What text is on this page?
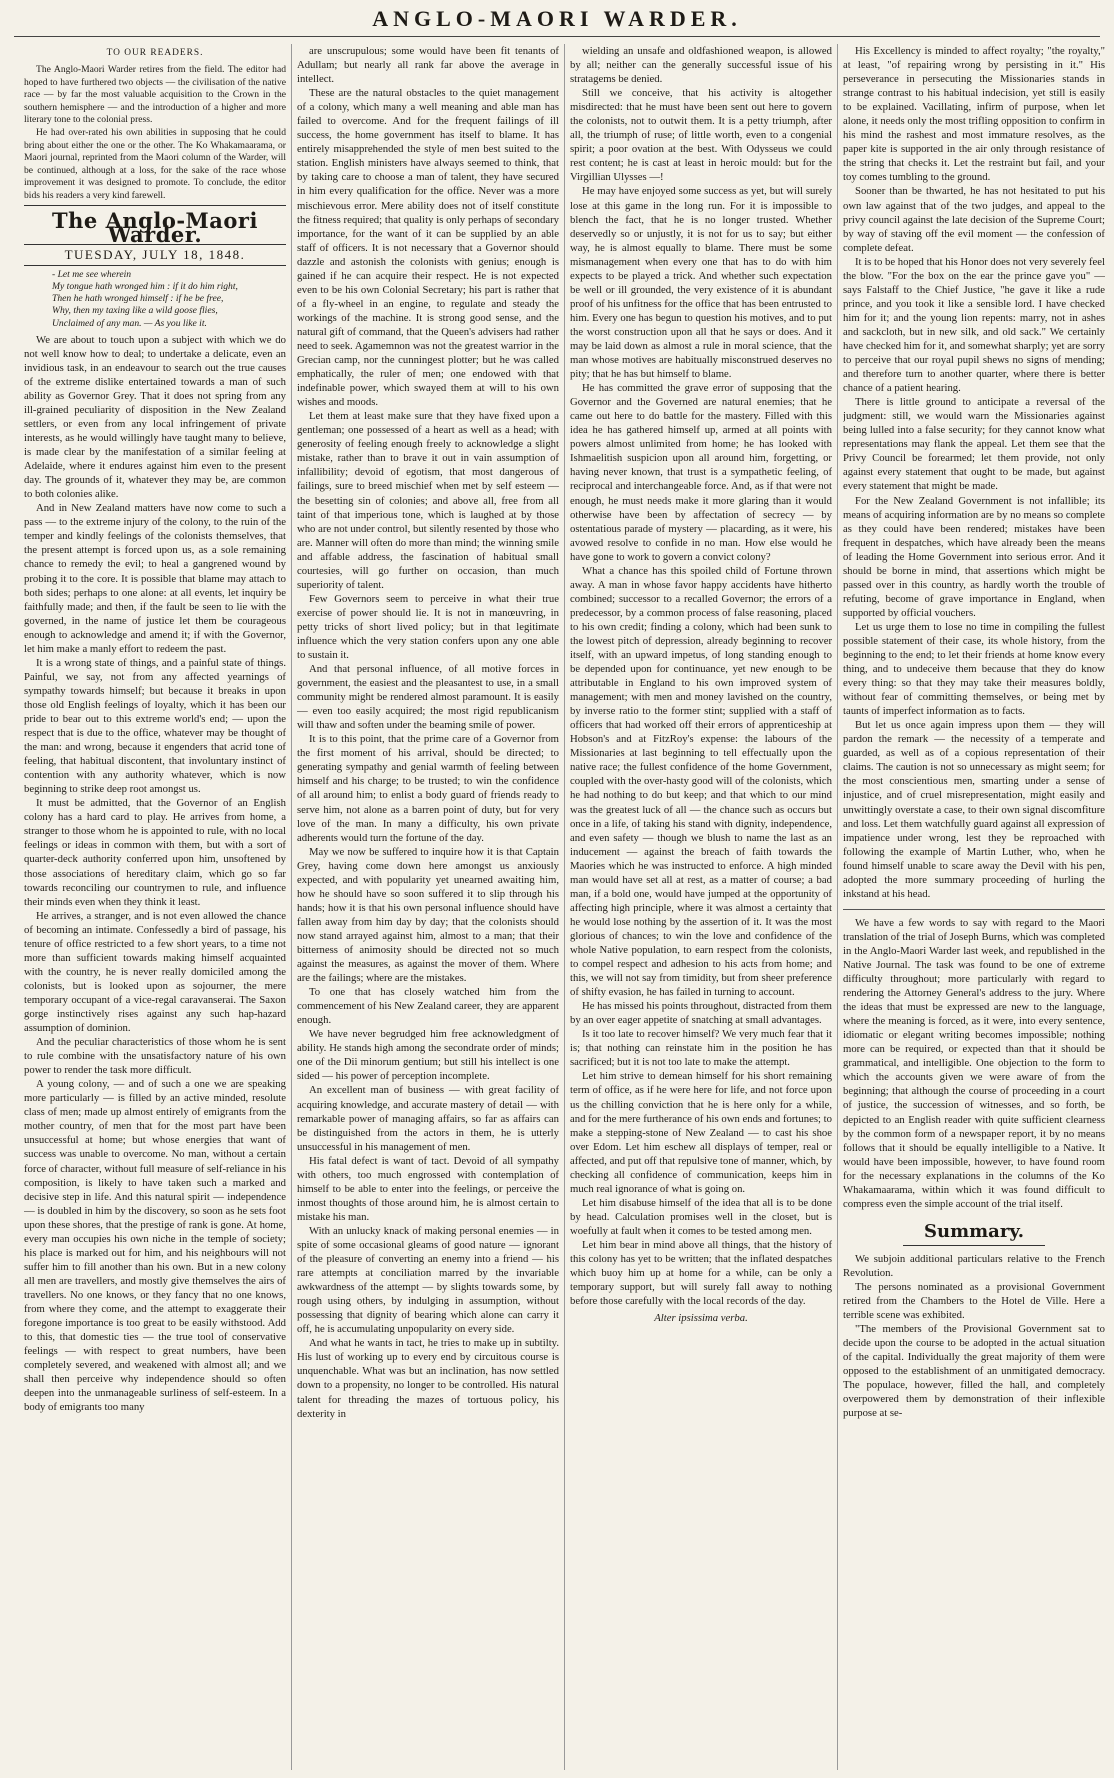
ANGLO-MAORI WARDER.

TO OUR READERS.

The Anglo-Maori Warder retires from the field. The editor had hoped to have furthered two objects — the civilisation of the native race — by far the most valuable acquisition to the Crown in the southern hemisphere — and the introduction of a higher and more literary tone to the colonial press.

He had over-rated his own abilities in supposing that he could bring about either the one or the other. The Ko Whakamaarama, or Maori journal, reprinted from the Maori column of the Warder, will be continued, although at a loss, for the sake of the race whose improvement it was designed to promote. To conclude, the editor bids his readers a very kind farewell.

The Anglo-Maori Warder.

TUESDAY, JULY 18, 1848.

- Let me see wherein
My tongue hath wronged him : if it do him right,
Then he hath wronged himself : if he be free,
Why, then my taxing like a wild goose flies,
Unclaimed of any man. — As you like it.

We are about to touch upon a subject with which we do not well know how to deal; to undertake a delicate, even an invidious task, in an endeavour to search out the true causes of the extreme dislike entertained towards a man of such ability as Governor Grey. That it does not spring from any ill-grained peculiarity of disposition in the New Zealand settlers, or even from any local infringement of private interests, as he would willingly have taught many to believe, is made clear by the manifestation of a similar feeling at Adelaide, where it endures against him even to the present day. The grounds of it, whatever they may be, are common to both colonies alike.

And in New Zealand matters have now come to such a pass — to the extreme injury of the colony, to the ruin of the temper and kindly feelings of the colonists themselves, that the present attempt is forced upon us, as a sole remaining chance to remedy the evil; to heal a gangrened wound by probing it to the core. It is possible that blame may attach to both sides; perhaps to one alone: at all events, let inquiry be faithfully made; and then, if the fault be seen to lie with the governed, in the name of justice let them be courageous enough to acknowledge and amend it; if with the Governor, let him make a manly effort to redeem the past.

It is a wrong state of things, and a painful state of things. Painful, we say, not from any affected yearnings of sympathy towards himself; but because it breaks in upon those old English feelings of loyalty, which it has been our pride to bear out to this extreme world's end; — upon the respect that is due to the office, whatever may be thought of the man: and wrong, because it engenders that acrid tone of feeling, that habitual discontent, that involuntary instinct of contention with any authority whatever, which is now beginning to strike deep root amongst us.

It must be admitted, that the Governor of an English colony has a hard card to play. He arrives from home, a stranger to those whom he is appointed to rule, with no local feelings or ideas in common with them, but with a sort of quarter-deck authority conferred upon him, unsoftened by those associations of hereditary claim, which go so far towards reconciling our countrymen to rule, and influence their minds even when they think it least.

He arrives, a stranger, and is not even allowed the chance of becoming an intimate. Confessedly a bird of passage, his tenure of office restricted to a few short years, to a time not more than sufficient towards making himself acquainted with the country, he is never really domiciled among the colonists, but is looked upon as sojourner, the mere temporary occupant of a vice-regal caravanserai. The Saxon gorge instinctively rises against any such hap-hazard assumption of dominion.

And the peculiar characteristics of those whom he is sent to rule combine with the unsatisfactory nature of his own power to render the task more difficult.

A young colony, — and of such a one we are speaking more particularly — is filled by an active minded, resolute class of men; made up almost entirely of emigrants from the mother country, of men that for the most part have been unsuccessful at home; but whose energies that want of success was unable to overcome. No man, without a certain force of character, without full measure of self-reliance in his composition, is likely to have taken such a marked and decisive step in life. And this natural spirit — independence — is doubled in him by the discovery, so soon as he sets foot upon these shores, that the prestige of rank is gone. At home, every man occupies his own niche in the temple of society; his place is marked out for him, and his neighbours will not suffer him to fill another than his own. But in a new colony all men are travellers, and mostly give themselves the airs of travellers. No one knows, or they fancy that no one knows, from where they come, and the attempt to exaggerate their foregone importance is too great to be easily withstood. Add to this, that domestic ties — the true tool of conservative feelings — with respect to great numbers, have been completely severed, and weakened with almost all; and we shall then perceive why independence should so often deepen into the unmanageable surliness of self-esteem. In a body of emigrants too many

are unscrupulous; some would have been fit tenants of Adullam; but nearly all rank far above the average in intellect.

These are the natural obstacles to the quiet management of a colony, which many a well meaning and able man has failed to overcome. And for the frequent failings of ill success, the home government has itself to blame. It has entirely misapprehended the style of men best suited to the station. English ministers have always seemed to think, that by taking care to choose a man of talent, they have secured in him every qualification for the office. Never was a more mischievous error. Mere ability does not of itself constitute the fitness required; that quality is only perhaps of secondary importance, for the want of it can be supplied by an able staff of officers. It is not necessary that a Governor should dazzle and astonish the colonists with genius; enough is gained if he can acquire their respect. He is not expected even to be his own Colonial Secretary; his part is rather that of a fly-wheel in an engine, to regulate and steady the workings of the machine. It is strong good sense, and the natural gift of command, that the Queen's advisers had rather need to seek. Agamemnon was not the greatest warrior in the Grecian camp, nor the cunningest plotter; but he was called emphatically, the ruler of men; one endowed with that indefinable power, which swayed them at will to his own wishes and moods.

Let them at least make sure that they have fixed upon a gentleman; one possessed of a heart as well as a head; with generosity of feeling enough freely to acknowledge a slight mistake, rather than to brave it out in vain assumption of infallibility; devoid of egotism, that most dangerous of failings, sure to breed mischief when met by self esteem — the besetting sin of colonies; and above all, free from all taint of that imperious tone, which is laughed at by those who are not under control, but silently resented by those who are. Manner will often do more than mind; the winning smile and affable address, the fascination of habitual small courtesies, will go further on occasion, than much superiority of talent.

Few Governors seem to perceive in what their true exercise of power should lie. It is not in manœuvring, in petty tricks of short lived policy; but in that legitimate influence which the very station confers upon any one able to sustain it.

And that personal influence, of all motive forces in government, the easiest and the pleasantest to use, in a small community might be rendered almost paramount. It is easily — even too easily acquired; the most rigid republicanism will thaw and soften under the beaming smile of power.

It is to this point, that the prime care of a Governor from the first moment of his arrival, should be directed; to generating sympathy and genial warmth of feeling between himself and his charge; to be trusted; to win the confidence of all around him; to enlist a body guard of friends ready to serve him, not alone as a barren point of duty, but for very love of the man. In many a difficulty, his own private adherents would turn the fortune of the day.

May we now be suffered to inquire how it is that Captain Grey, having come down here amongst us anxiously expected, and with popularity yet unearned awaiting him, how he should have so soon suffered it to slip through his hands; how it is that his own personal influence should have fallen away from him day by day; that the colonists should now stand arrayed against him, almost to a man; that their bitterness of animosity should be directed not so much against the measures, as against the mover of them. Where are the failings; where are the mistakes.

To one that has closely watched him from the commencement of his New Zealand career, they are apparent enough.

We have never begrudged him free acknowledgment of ability. He stands high among the secondrate order of minds; one of the Dii minorum gentium; but still his intellect is one sided — his power of perception incomplete.

An excellent man of business — with great facility of acquiring knowledge, and accurate mastery of detail — with remarkable power of managing affairs, so far as affairs can be distinguished from the actors in them, he is utterly unsuccessful in his management of men.

His fatal defect is want of tact. Devoid of all sympathy with others, too much engrossed with contemplation of himself to be able to enter into the feelings, or perceive the inmost thoughts of those around him, he is almost certain to mistake his man.

With an unlucky knack of making personal enemies — in spite of some occasional gleams of good nature — ignorant of the pleasure of converting an enemy into a friend — his rare attempts at conciliation marred by the invariable awkwardness of the attempt — by slights towards some, by rough using others, by indulging in assumption, without possessing that dignity of bearing which alone can carry it off, he is accumulating unpopularity on every side.

And what he wants in tact, he tries to make up in subtilty. His lust of working up to every end by circuitous course is unquenchable. What was but an inclination, has now settled down to a propensity, no longer to be controlled. His natural talent for threading the mazes of tortuous policy, his dexterity in

wielding an unsafe and oldfashioned weapon, is allowed by all; neither can the generally successful issue of his stratagems be denied.

Still we conceive, that his activity is altogether misdirected: that he must have been sent out here to govern the colonists, not to outwit them. It is a petty triumph, after all, the triumph of ruse; of little worth, even to a congenial spirit; a poor ovation at the best. With Odysseus we could rest content; he is cast at least in heroic mould: but for the Virgillian Ulysses —!

He may have enjoyed some success as yet, but will surely lose at this game in the long run. For it is impossible to blench the fact, that he is no longer trusted. Whether deservedly so or unjustly, it is not for us to say; but either way, he is almost equally to blame. There must be some mismanagement when every one that has to do with him expects to be played a trick. And whether such expectation be well or ill grounded, the very existence of it is abundant proof of his unfitness for the office that has been entrusted to him. Every one has begun to question his motives, and to put the worst construction upon all that he says or does. And it may be laid down as almost a rule in moral science, that the man whose motives are habitually misconstrued deserves no pity; that he has but himself to blame.

He has committed the grave error of supposing that the Governor and the Governed are natural enemies; that he came out here to do battle for the mastery. Filled with this idea he has gathered himself up, armed at all points with powers almost unlimited from home; he has looked with Ishmaelitish suspicion upon all around him, forgetting, or having never known, that trust is a sympathetic feeling, of reciprocal and interchangeable force. And, as if that were not enough, he must needs make it more glaring than it would otherwise have been by affectation of secrecy — by ostentatious parade of mystery — placarding, as it were, his avowed resolve to confide in no man. How else would he have gone to work to govern a convict colony?

What a chance has this spoiled child of Fortune thrown away. A man in whose favor happy accidents have hitherto combined; successor to a recalled Governor; the errors of a predecessor, by a common process of false reasoning, placed to his own credit; finding a colony, which had been sunk to the lowest pitch of depression, already beginning to recover itself, with an upward impetus, of long standing enough to be depended upon for continuance, yet new enough to be attributable in England to his own improved system of management; with men and money lavished on the country, by inverse ratio to the former stint; supplied with a staff of officers that had worked off their errors of apprenticeship at Hobson's and at FitzRoy's expense: the labours of the Missionaries at last beginning to tell effectually upon the native race; the fullest confidence of the home Government, coupled with the over-hasty good will of the colonists, which he had nothing to do but keep; and that which to our mind was the greatest luck of all — the chance such as occurs but once in a life, of taking his stand with dignity, independence, and even safety — though we blush to name the last as an inducement — against the breach of faith towards the Maories which he was instructed to enforce. A high minded man would have set all at rest, as a matter of course; a bad man, if a bold one, would have jumped at the opportunity of affecting high principle, where it was almost a certainty that he would lose nothing by the assertion of it. It was the most glorious of chances; to win the love and confidence of the whole Native population, to earn respect from the colonists, to compel respect and adhesion to his acts from home; and this, we will not say from timidity, but from sheer preference of shifty evasion, he has failed in turning to account.

He has missed his points throughout, distracted from them by an over eager appetite of snatching at small advantages.

Is it too late to recover himself? We very much fear that it is; that nothing can reinstate him in the position he has sacrificed; but it is not too late to make the attempt.

Let him strive to demean himself for his short remaining term of office, as if he were here for life, and not force upon us the chilling conviction that he is here only for a while, and for the mere furtherance of his own ends and fortunes; to make a stepping-stone of New Zealand — to cast his shoe over Edom. Let him eschew all displays of temper, real or affected, and put off that repulsive tone of manner, which, by checking all confidence of communication, keeps him in much real ignorance of what is going on.

Let him disabuse himself of the idea that all is to be done by head. Calculation promises well in the closet, but is woefully at fault when it comes to be tested among men.

Let him bear in mind above all things, that the history of this colony has yet to be written; that the inflated despatches which buoy him up at home for a while, can be only a temporary support, but will surely fall away to nothing before those carefully with the local records of the day.

Alter ipsissima verba.

His Excellency is minded to affect royalty; "the royalty," at least, "of repairing wrong by persisting in it." His perseverance in persecuting the Missionaries stands in strange contrast to his habitual indecision, yet still is easily to be explained. Vacillating, infirm of purpose, when let alone, it needs only the most trifling opposition to confirm in his mind the rashest and most immature resolves, as the paper kite is supported in the air only through resistance of the string that checks it. Let the restraint but fail, and your toy comes tumbling to the ground.

Sooner than be thwarted, he has not hesitated to put his own law against that of the two judges, and appeal to the privy council against the late decision of the Supreme Court; by way of staving off the evil moment — the confession of complete defeat.

It is to be hoped that his Honor does not very severely feel the blow. "For the box on the ear the prince gave you" — says Falstaff to the Chief Justice, "he gave it like a rude prince, and you took it like a sensible lord. I have checked him for it; and the young lion repents: marry, not in ashes and sackcloth, but in new silk, and old sack." We certainly have checked him for it, and somewhat sharply; yet are sorry to perceive that our royal pupil shews no signs of mending; and therefore turn to another quarter, where there is better chance of a patient hearing.

There is little ground to anticipate a reversal of the judgment: still, we would warn the Missionaries against being lulled into a false security; for they cannot know what representations may flank the appeal. Let them see that the Privy Council be forearmed; let them provide, not only against every statement that ought to be made, but against every statement that might be made.

For the New Zealand Government is not infallible; its means of acquiring information are by no means so complete as they could have been rendered; mistakes have been frequent in despatches, which have already been the means of leading the Home Government into serious error. And it should be borne in mind, that assertions which might be passed over in this country, as hardly worth the trouble of refuting, become of grave importance in England, when supported by official vouchers.

Let us urge them to lose no time in compiling the fullest possible statement of their case, its whole history, from the beginning to the end; to let their friends at home know every thing, and to undeceive them because that they do know every thing: so that they may take their measures boldly, without fear of committing themselves, or being met by taunts of imperfect information as to facts.

But let us once again impress upon them — they will pardon the remark — the necessity of a temperate and guarded, as well as of a copious representation of their claims. The caution is not so unnecessary as might seem; for the most conscientious men, smarting under a sense of injustice, and of cruel misrepresentation, might easily and unwittingly overstate a case, to their own signal discomfiture and loss. Let them watchfully guard against all expression of impatience under wrong, lest they be reproached with following the example of Martin Luther, who, when he found himself unable to scare away the Devil with his pen, adopted the more summary proceeding of hurling the inkstand at his head.

We have a few words to say with regard to the Maori translation of the trial of Joseph Burns, which was completed in the Anglo-Maori Warder last week, and republished in the Native Journal. The task was found to be one of extreme difficulty throughout; more particularly with regard to rendering the Attorney General's address to the jury. Where the ideas that must be expressed are new to the language, where the meaning is forced, as it were, into every sentence, idiomatic or elegant writing becomes impossible; nothing more can be required, or expected than that it should be grammatical, and intelligible. One objection to the form to which the accounts given we were aware of from the beginning; that although the course of proceeding in a court of justice, the succession of witnesses, and so forth, be depicted to an English reader with quite sufficient clearness by the common form of a newspaper report, it by no means follows that it should be equally intelligible to a Native. It would have been impossible, however, to have found room for the necessary explanations in the columns of the Ko Whakamaarama, within which it was found difficult to compress even the simple account of the trial itself.

Summary.

We subjoin additional particulars relative to the French Revolution.

The persons nominated as a provisional Government retired from the Chambers to the Hotel de Ville. Here a terrible scene was exhibited.

"The members of the Provisional Government sat to decide upon the course to be adopted in the actual situation of the capital. Individually the great majority of them were opposed to the establishment of an unmitigated democracy. The populace, however, filled the hall, and completely overpowered them by demonstration of their inflexible purpose at se-
